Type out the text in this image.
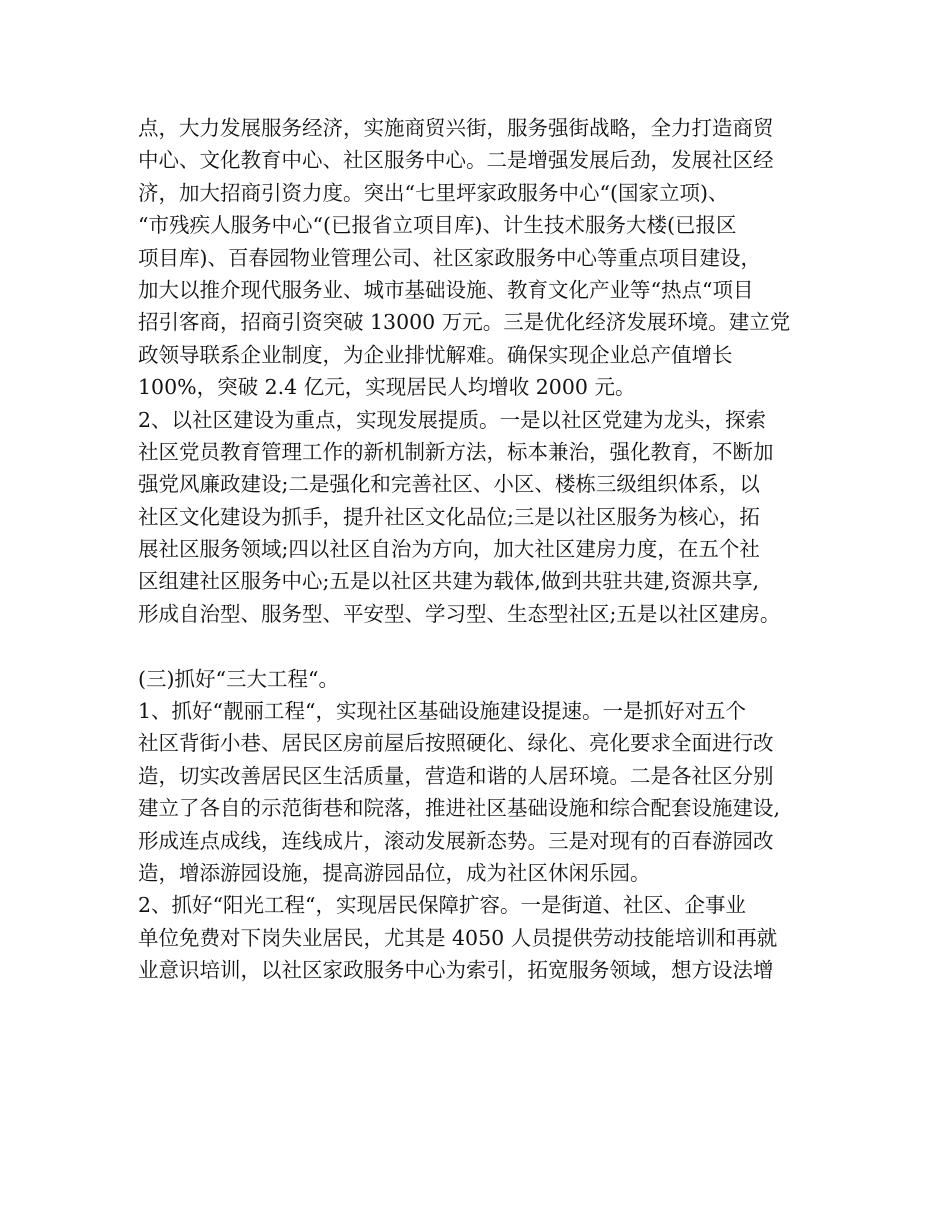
点，大力发展服务经济，实施商贸兴街，服务强街战略，全力打造商贸
中心、文化教育中心、社区服务中心。二是增强发展后劲，发展社区经
济，加大招商引资力度。突出“七里坪家政服务中心“(国家立项)、
“市残疾人服务中心“(已报省立项目库)、计生技术服务大楼(已报区
项目库)、百春园物业管理公司、社区家政服务中心等重点项目建设，
加大以推介现代服务业、城市基础设施、教育文化产业等“热点“项目
招引客商，招商引资突破 13000 万元。三是优化经济发展环境。建立党
政领导联系企业制度，为企业排忧解难。确保实现企业总产值增长
100%，突破 2.4 亿元，实现居民人均增收 2000 元。
2、以社区建设为重点，实现发展提质。一是以社区党建为龙头，探索
社区党员教育管理工作的新机制新方法，标本兼治，强化教育，不断加
强党风廉政建设;二是强化和完善社区、小区、楼栋三级组织体系，以
社区文化建设为抓手，提升社区文化品位;三是以社区服务为核心，拓
展社区服务领域;四以社区自治为方向，加大社区建房力度，在五个社
区组建社区服务中心;五是以社区共建为载体,做到共驻共建,资源共享,
形成自治型、服务型、平安型、学习型、生态型社区;五是以社区建房。
(三)抓好“三大工程“。
1、抓好“靓丽工程“，实现社区基础设施建设提速。一是抓好对五个
社区背街小巷、居民区房前屋后按照硬化、绿化、亮化要求全面进行改
造，切实改善居民区生活质量，营造和谐的人居环境。二是各社区分别
建立了各自的示范街巷和院落，推进社区基础设施和综合配套设施建设,
形成连点成线，连线成片，滚动发展新态势。三是对现有的百春游园改
造，增添游园设施，提高游园品位，成为社区休闲乐园。
2、抓好“阳光工程“，实现居民保障扩容。一是街道、社区、企事业
单位免费对下岗失业居民，尤其是 4050 人员提供劳动技能培训和再就
业意识培训，以社区家政服务中心为索引，拓宽服务领域，想方设法增
